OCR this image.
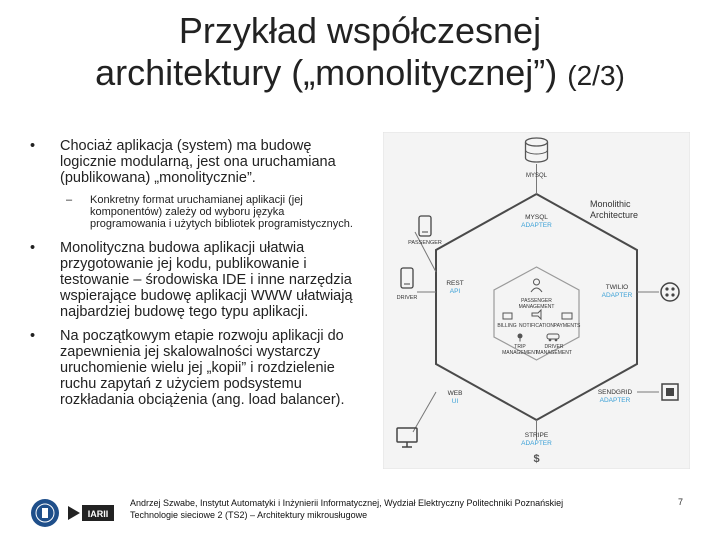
Przykład współczesnej
architektury („monolitycznej”) (2/3)
• Chociaż aplikacja (system) ma budowę logicznie modularną, jest ona uruchamiana (publikowana) „monolitycznie”.
– Konkretny format uruchamianej aplikacji (jej komponentów) zależy od wyboru języka programowania i użytych bibliotek programistycznych.
• Monolityczna budowa aplikacji ułatwia przygotowanie jej kodu, publikowanie i testowanie – środowiska IDE i inne narzędzia wspierające budowę aplikacji WWW ułatwiają najbardziej budowę tego typu aplikacji.
• Na początkowym etapie rozwoju aplikacji do zapewnienia jej skalowalności wystarczy uruchomienie wielu jej „kopii” i rozdzielenie ruchu zapytań z użyciem podsystemu rozkładania obciążenia (ang. load balancer).
MYSQL
Monolithic
Architecture
MYSQL
ADAPTER
PASSENGER
DRIVER
REST
API
WEB
UI
TWILIO
ADAPTER
SENDGRID
ADAPTER
STRIPE
ADAPTER
$
PASSENGER
MANAGEMENT
BILLING NOTIFICATION PAYMENTS
TRIP
MANAGEMENT
DRIVER
MANAGEMENT
IARII
Andrzej Szwabe, Instytut Automatyki i Inżynierii Informatycznej, Wydział Elektryczny Politechniki Poznańskiej
Technologie sieciowe 2 (TS2) – Architektury mikrousługowe
7
